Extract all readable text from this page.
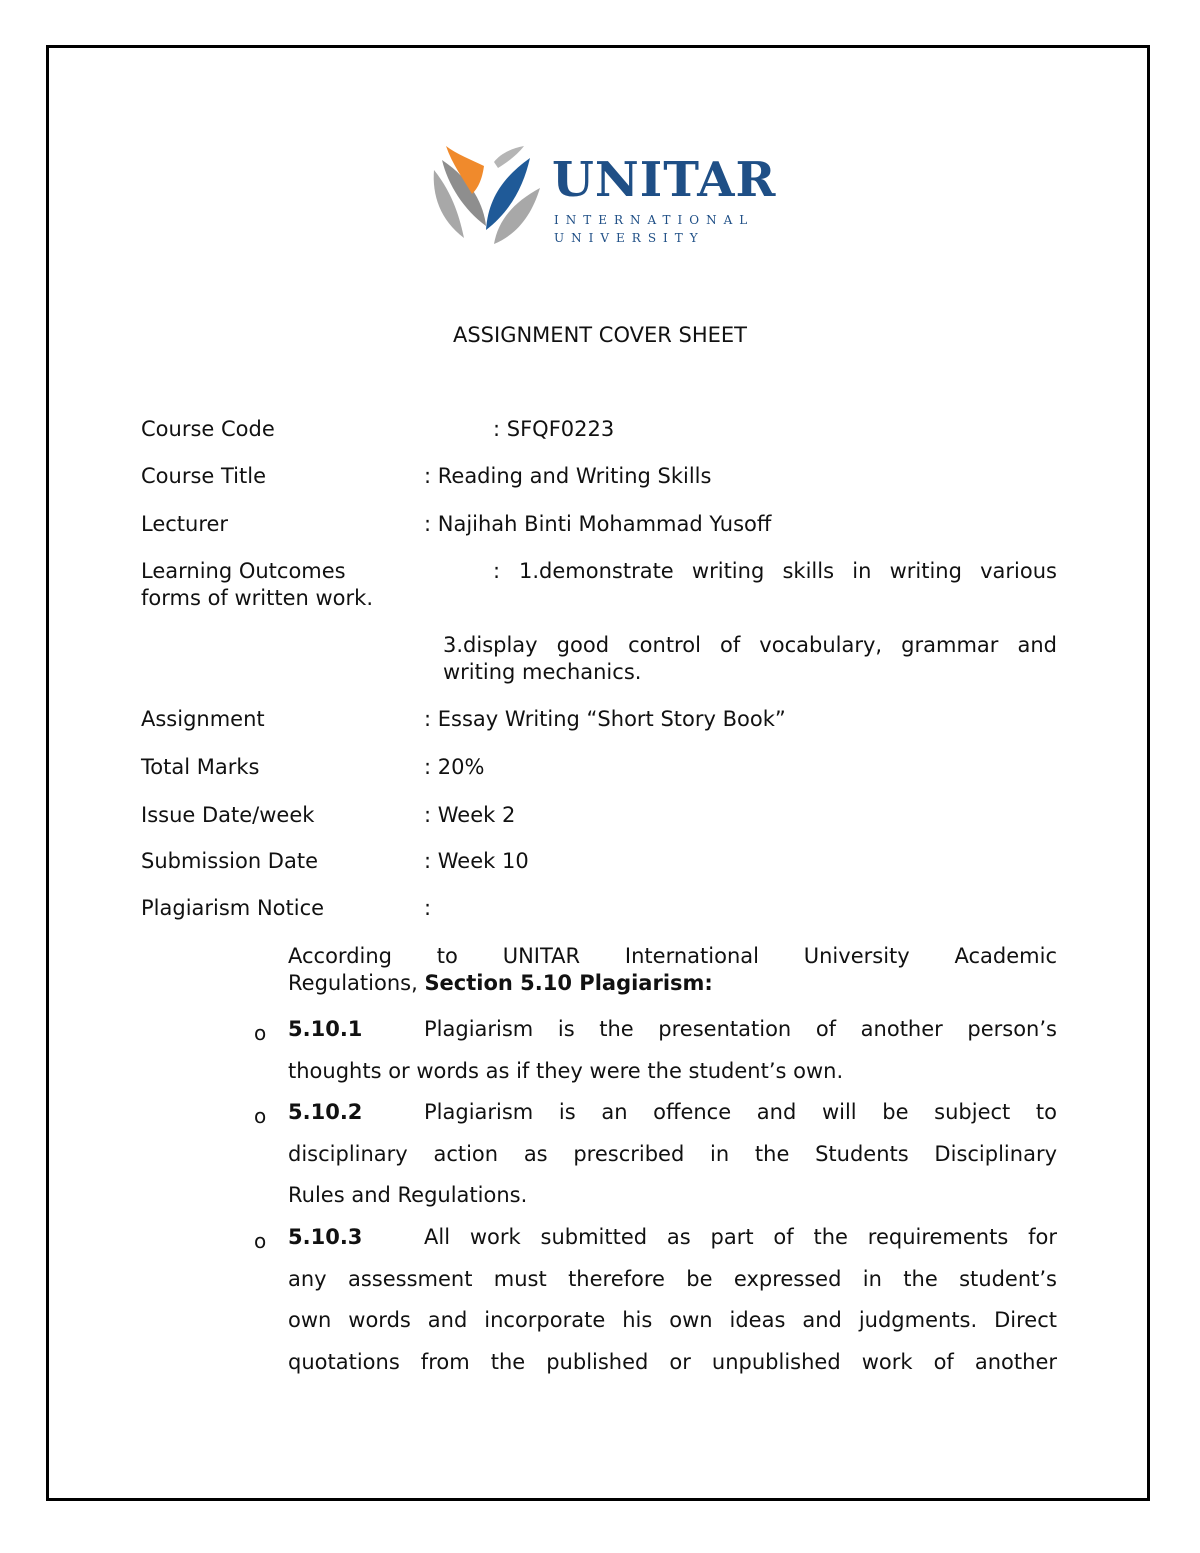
UNITAR
INTERNATIONAL
UNIVERSITY
ASSIGNMENT COVER SHEET
Course Code	: SFQF0223
Course Title	: Reading and Writing Skills
Lecturer	: Najihah Binti Mohammad Yusoff
Learning Outcomes	: 1.demonstrate writing skills in writing various
forms of written work.
3.display good control of vocabulary, grammar and
writing mechanics.
Assignment	: Essay Writing “Short Story Book”
Total Marks	: 20%
Issue Date/week	: Week 2
Submission Date	: Week 10
Plagiarism Notice	:
According to UNITAR International University Academic
Regulations, Section 5.10 Plagiarism:
o 5.10.1	Plagiarism is the presentation of another person’s
thoughts or words as if they were the student’s own.
o 5.10.2	Plagiarism is an offence and will be subject to
disciplinary action as prescribed in the Students Disciplinary
Rules and Regulations.
o 5.10.3	All work submitted as part of the requirements for
any assessment must therefore be expressed in the student’s
own words and incorporate his own ideas and judgments. Direct
quotations from the published or unpublished work of another
